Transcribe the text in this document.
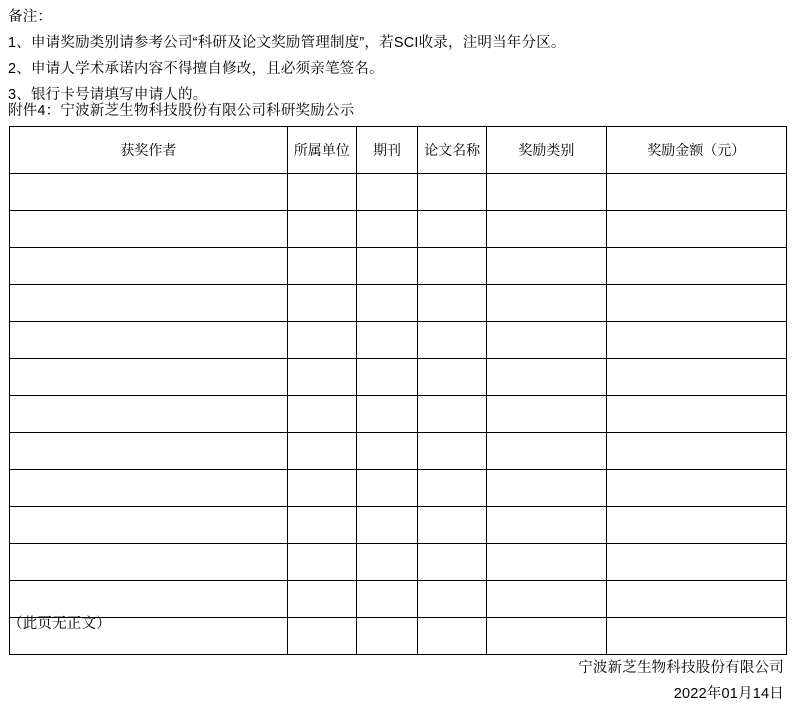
备注：
1、申请奖励类别请参考公司“科研及论文奖励管理制度”，若SCI收录，注明当年分区。
2、申请人学术承诺内容不得擅自修改，且必须亲笔签名。
3、银行卡号请填写申请人的。
附件4：宁波新芝生物科技股份有限公司科研奖励公示
获奖作者	所属单位	期刊	论文名称	奖励类别	奖励金额（元）

（此页无正文）
宁波新芝生物科技股份有限公司
2022年01月14日
